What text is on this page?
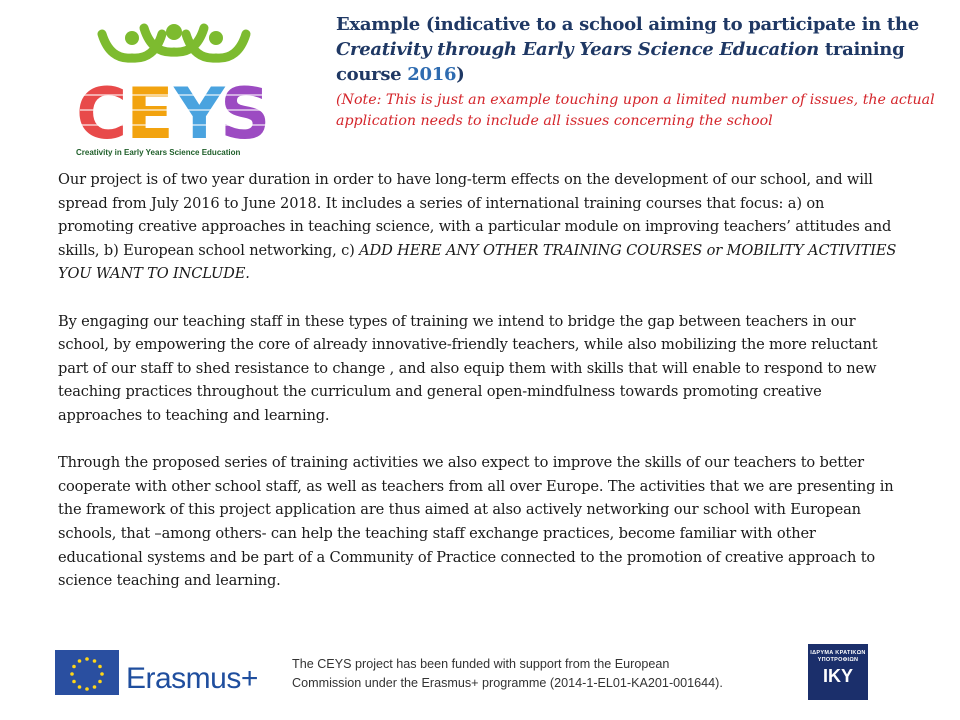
C
E Y
S
Creativity in Early Years Science Education
Example (indicative to a school aiming to participate in the Creativity through Early Years Science Education training course 2016)

(Note: This is just an example touching upon a limited number of issues, the actual application needs to include all issues concerning the school

Our project is of two year duration in order to have long-term effects on the development of our school, and will spread from July 2016 to June 2018. It includes a series of international training courses that focus: a) on promoting creative approaches in teaching science, with a particular module on improving teachers’ attitudes and skills, b) European school networking, c) ADD HERE ANY OTHER TRAINING COURSES or MOBILITY ACTIVITIES YOU WANT TO INCLUDE.

By engaging our teaching staff in these types of training we intend to bridge the gap between teachers in our school, by empowering the core of already innovative-friendly teachers, while also mobilizing the more reluctant part of our staff to shed resistance to change , and also equip them with skills that will enable to respond to new teaching practices throughout the curriculum and general open-mindfulness towards promoting creative approaches to teaching and learning.

Through the proposed series of training activities we also expect to improve the skills of our teachers to better cooperate with other school staff, as well as teachers from all over Europe. The activities that we are presenting in the framework of this project application are thus aimed at also actively networking our school with European schools, that –among others- can help the teaching staff exchange practices, become familiar with other educational systems and be part of a Community of Practice connected to the promotion of creative approach to science teaching and learning.

Erasmus+	The CEYS project has been funded with support from the European
Commission under the Erasmus+ programme (2014-1-EL01-KA201-001644).
ΙΔΡΥΜΑ ΚΡΑΤΙΚΩΝ ΥΠΟΤΡΟΦΙΩΝ
IKY
